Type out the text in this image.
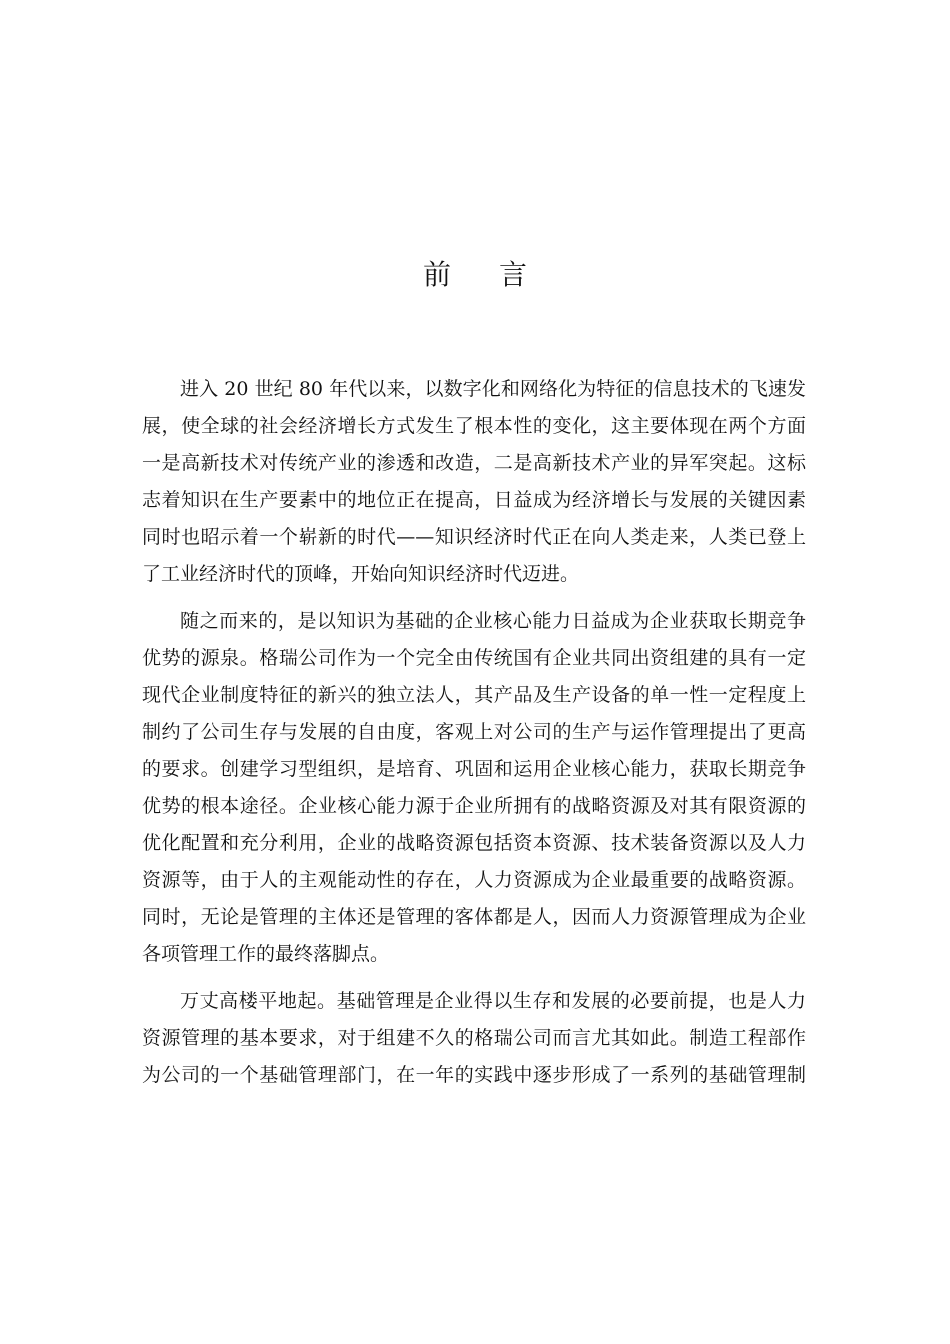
前 言
进入 20 世纪 80 年代以来，以数字化和网络化为特征的信息技术的飞速发
展，使全球的社会经济增长方式发生了根本性的变化，这主要体现在两个方面
一是高新技术对传统产业的渗透和改造，二是高新技术产业的异军突起。这标
志着知识在生产要素中的地位正在提高，日益成为经济增长与发展的关键因素
同时也昭示着一个崭新的时代——知识经济时代正在向人类走来，人类已登上
了工业经济时代的顶峰，开始向知识经济时代迈进。
随之而来的，是以知识为基础的企业核心能力日益成为企业获取长期竞争
优势的源泉。格瑞公司作为一个完全由传统国有企业共同出资组建的具有一定
现代企业制度特征的新兴的独立法人，其产品及生产设备的单一性一定程度上
制约了公司生存与发展的自由度，客观上对公司的生产与运作管理提出了更高
的要求。创建学习型组织，是培育、巩固和运用企业核心能力，获取长期竞争
优势的根本途径。企业核心能力源于企业所拥有的战略资源及对其有限资源的
优化配置和充分利用，企业的战略资源包括资本资源、技术装备资源以及人力
资源等，由于人的主观能动性的存在，人力资源成为企业最重要的战略资源。
同时，无论是管理的主体还是管理的客体都是人，因而人力资源管理成为企业
各项管理工作的最终落脚点。
万丈高楼平地起。基础管理是企业得以生存和发展的必要前提，也是人力
资源管理的基本要求，对于组建不久的格瑞公司而言尤其如此。制造工程部作
为公司的一个基础管理部门，在一年的实践中逐步形成了一系列的基础管理制
